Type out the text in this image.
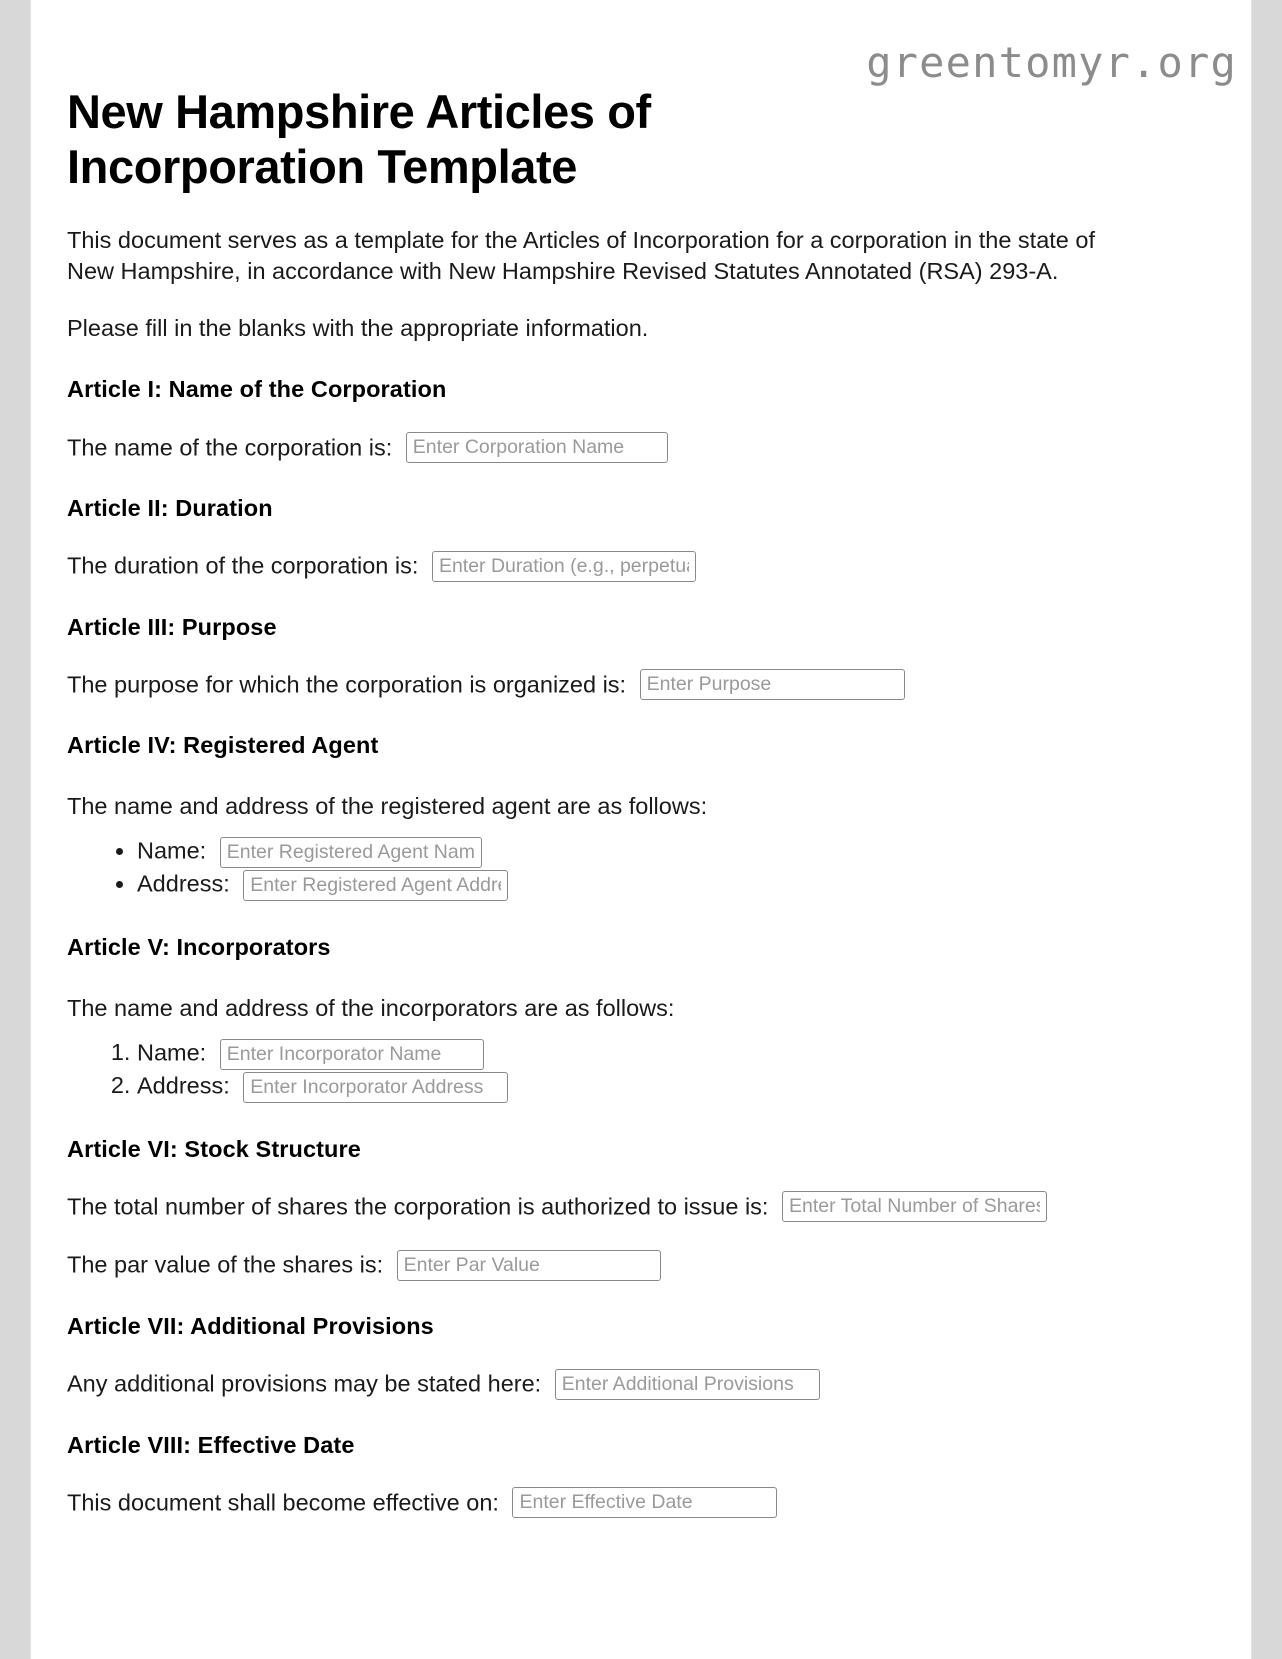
greentomyr.org
New Hampshire Articles of Incorporation Template

This document serves as a template for the Articles of Incorporation for a corporation in the state of New Hampshire, in accordance with New Hampshire Revised Statutes Annotated (RSA) 293-A.

Please fill in the blanks with the appropriate information.

Article I: Name of the Corporation
The name of the corporation is: Enter Corporation Name
Article II: Duration
The duration of the corporation is: Enter Duration (e.g., perpetual)
Article III: Purpose
The purpose for which the corporation is organized is: Enter Purpose
Article IV: Registered Agent

The name and address of the registered agent are as follows:

• Name: Enter Registered Agent Name
• Address: Enter Registered Agent Address
Article V: Incorporators

The name and address of the incorporators are as follows:

1. Name: Enter Incorporator Name
2. Address: Enter Incorporator Address
Article VI: Stock Structure
The total number of shares the corporation is authorized to issue is: Enter Total Number of Shares
The par value of the shares is: Enter Par Value
Article VII: Additional Provisions
Any additional provisions may be stated here: Enter Additional Provisions
Article VIII: Effective Date
This document shall become effective on: Enter Effective Date
